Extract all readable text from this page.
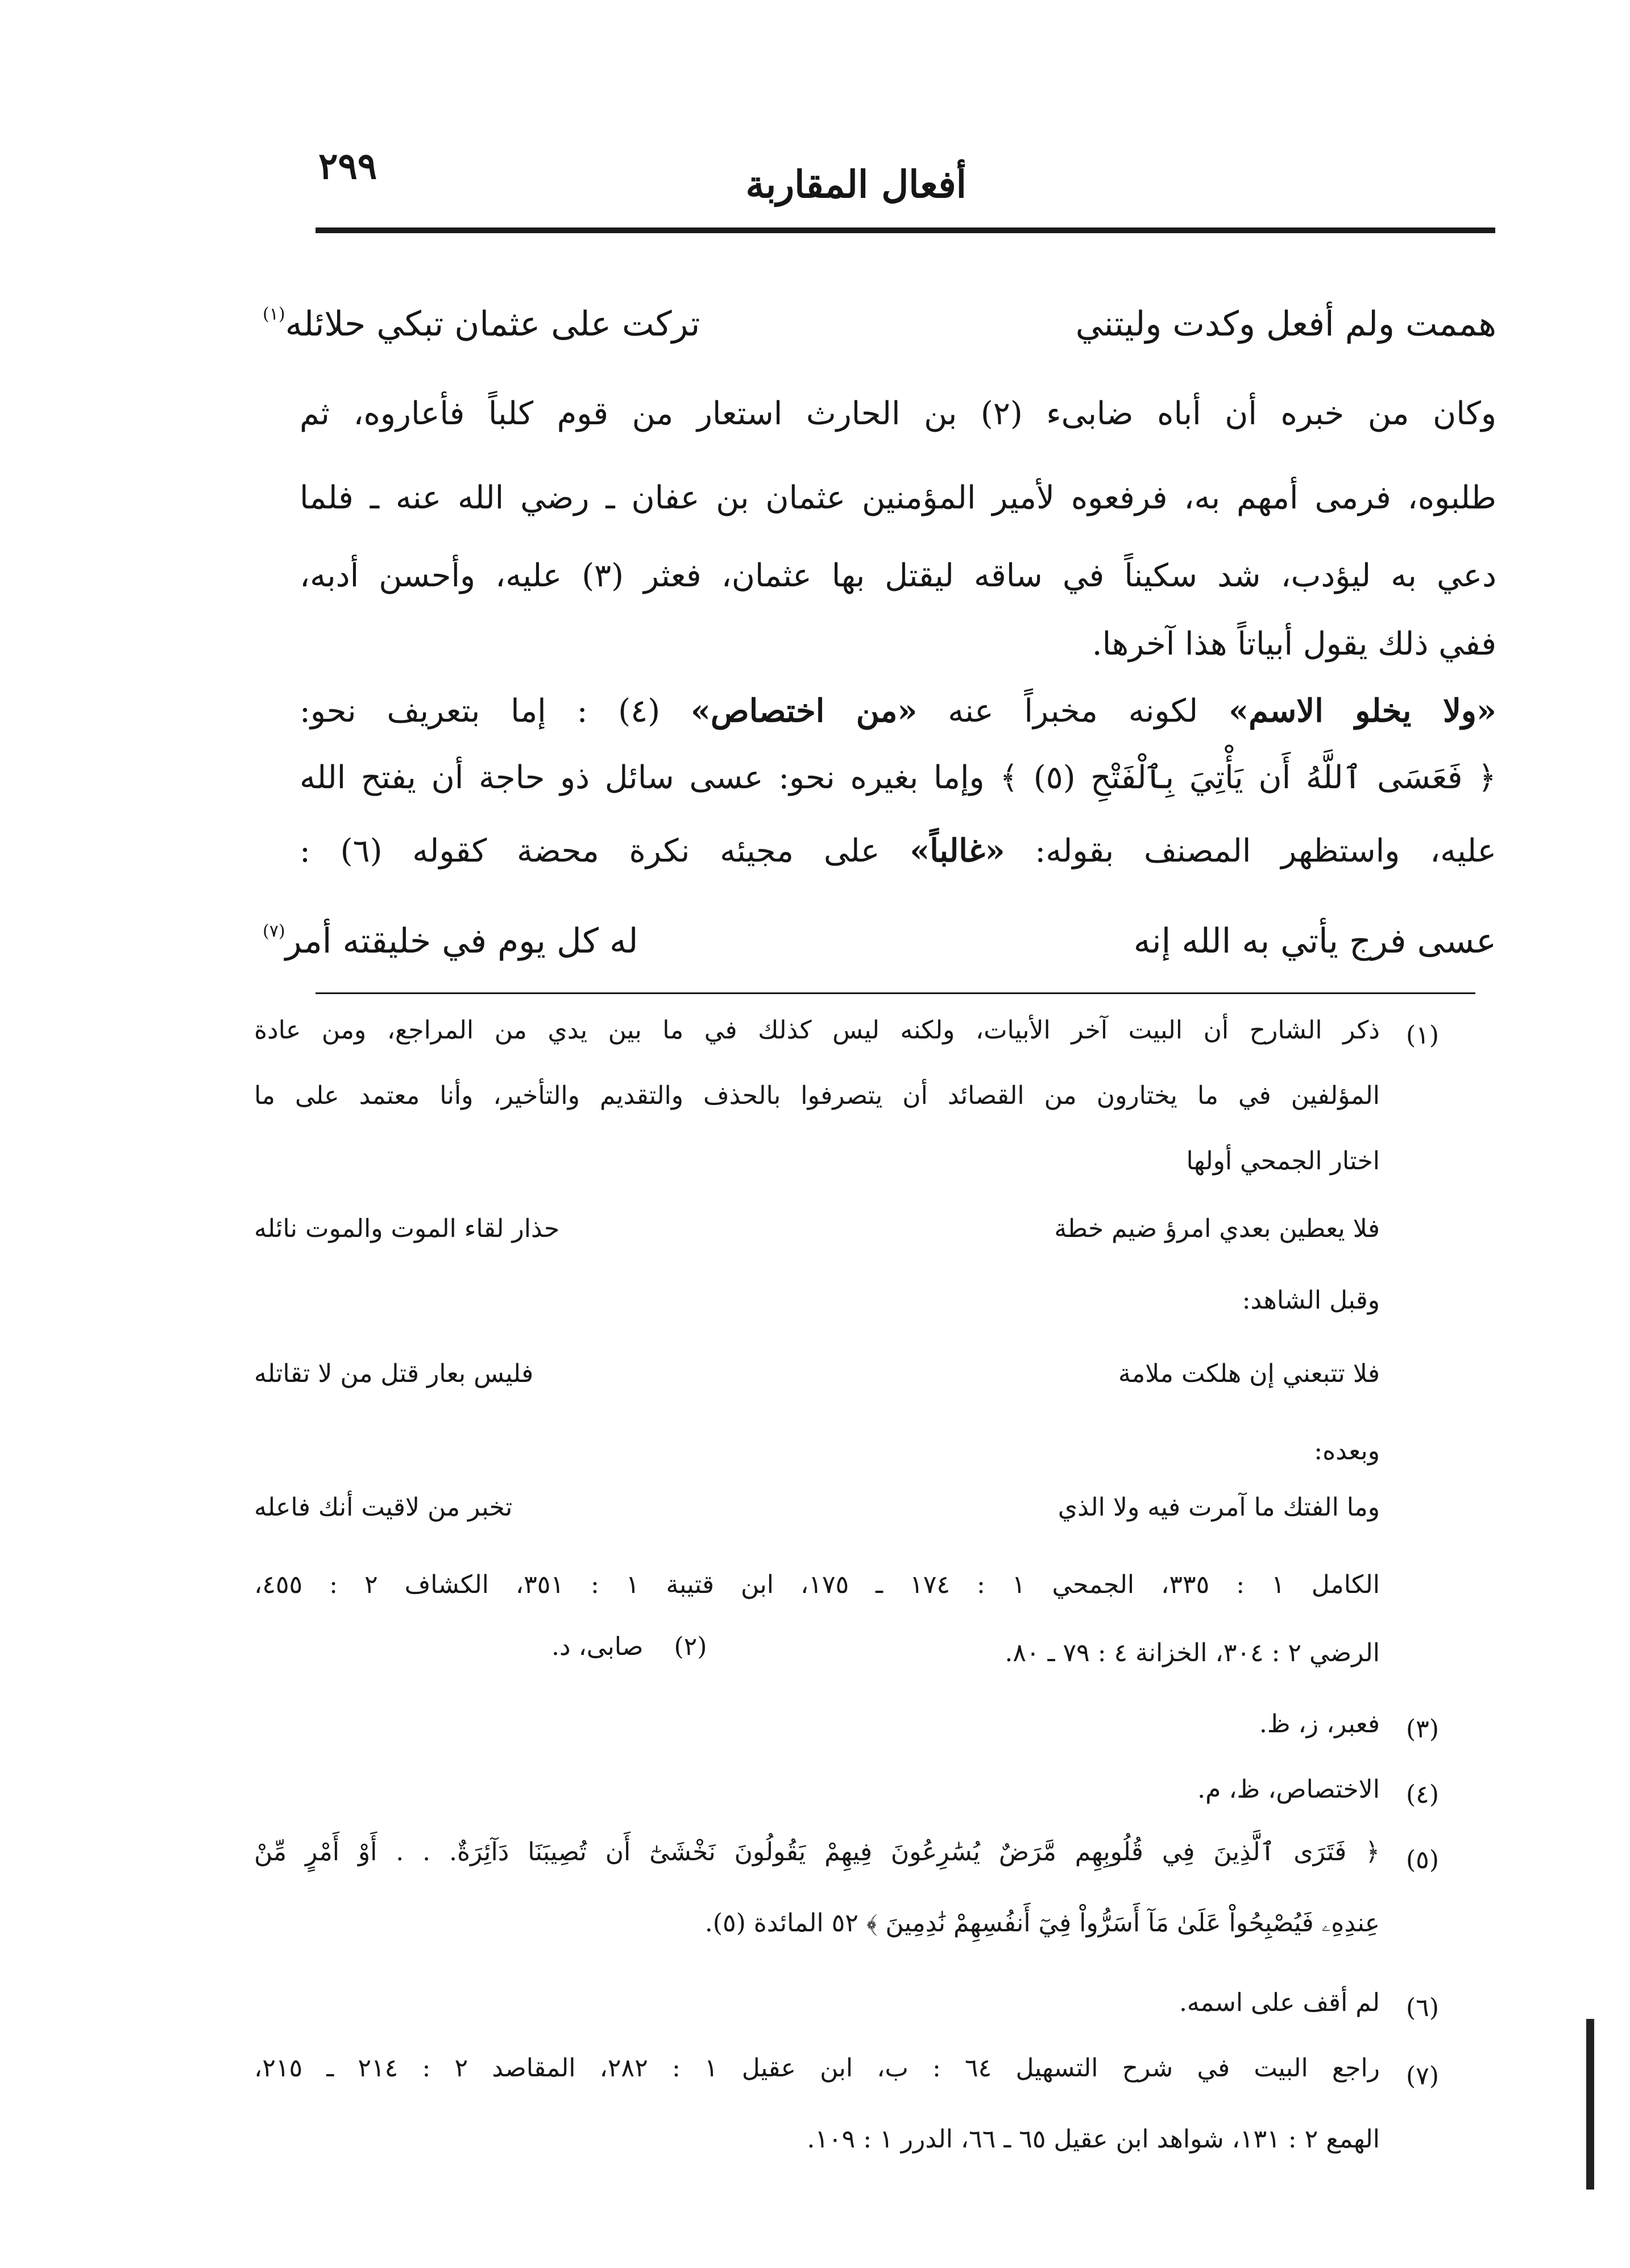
٢٩٩	أفعال المقاربة
هممت ولم أفعل وكدت وليتني
تركت على عثمان تبكي حلائله$^{(١)}$
وكان من خبره أن أباه ضابىء (٢) بن الحارث استعار من قوم كلباً فأعاروه، ثم
طلبوه، فرمى أمهم به، فرفعوه لأمير المؤمنين عثمان بن عفان ـ رضي الله عنه ـ فلما
دعي به ليؤدب، شد سكيناً في ساقه ليقتل بها عثمان، فعثر (٣) عليه، وأحسن أدبه،
ففي ذلك يقول أبياتاً هذا آخرها.
«ولا يخلو الاسم» لكونه مخبراً عنه «من اختصاص» (٤) : إما بتعريف نحو:
﴿ فَعَسَى ٱللَّهُ أَن يَأْتِيَ بِٱلْفَتْحِ (٥) ﴾ وإما بغيره نحو: عسى سائل ذو حاجة أن يفتح الله
عليه، واستظهر المصنف بقوله: «غالباً» على مجيئه نكرة محضة كقوله (٦) :
عسى فرج يأتي به الله إنه
له كل يوم في خليقته أمر$^{(٧)}$
(١)
ذكر الشارح أن البيت آخر الأبيات، ولكنه ليس كذلك في ما بين يدي من المراجع، ومن عادة
المؤلفين في ما يختارون من القصائد أن يتصرفوا بالحذف والتقديم والتأخير، وأنا معتمد على ما
اختار الجمحي أولها
فلا يعطين بعدي امرؤ ضيم خطة
حذار لقاء الموت والموت نائله
وقبل الشاهد:
فلا تتبعني إن هلكت ملامة
فليس بعار قتل من لا تقاتله
وبعده:
وما الفتك ما آمرت فيه ولا الذي
تخبر من لاقيت أنك فاعله
الكامل ١ : ٣٣٥، الجمحي ١ : ١٧٤ ـ ١٧٥، ابن قتيبة ١ : ٣٥١، الكشاف ٢ : ٤٥٥،
الرضي ٢ : ٣٠٤، الخزانة ٤ : ٧٩ ـ ٨٠.
(٢) صابى، د.
(٣)
فعبر، ز، ظ.
(٤)
الاختصاص، ظ، م.
(٥)
﴿ فَتَرَى ٱلَّذِينَ فِي قُلُوبِهِم مَّرَضٌ يُسَٰرِعُونَ فِيهِمْ يَقُولُونَ نَخْشَىٰٓ أَن تُصِيبَنَا دَآئِرَةٌ. . . أَوْ أَمْرٍ مِّنْ
عِندِهِۦ فَيُصْبِحُواْ عَلَىٰ مَآ أَسَرُّواْ فِيٓ أَنفُسِهِمْ نَٰدِمِينَ ﴾ ٥٢ المائدة (٥).
(٦)
لم أقف على اسمه.
(٧)
راجع البيت في شرح التسهيل ٦٤ : ب، ابن عقيل ١ : ٢٨٢، المقاصد ٢ : ٢١٤ ـ ٢١٥،
الهمع ٢ : ١٣١، شواهد ابن عقيل ٦٥ ـ ٦٦، الدرر ١ : ١٠٩.
